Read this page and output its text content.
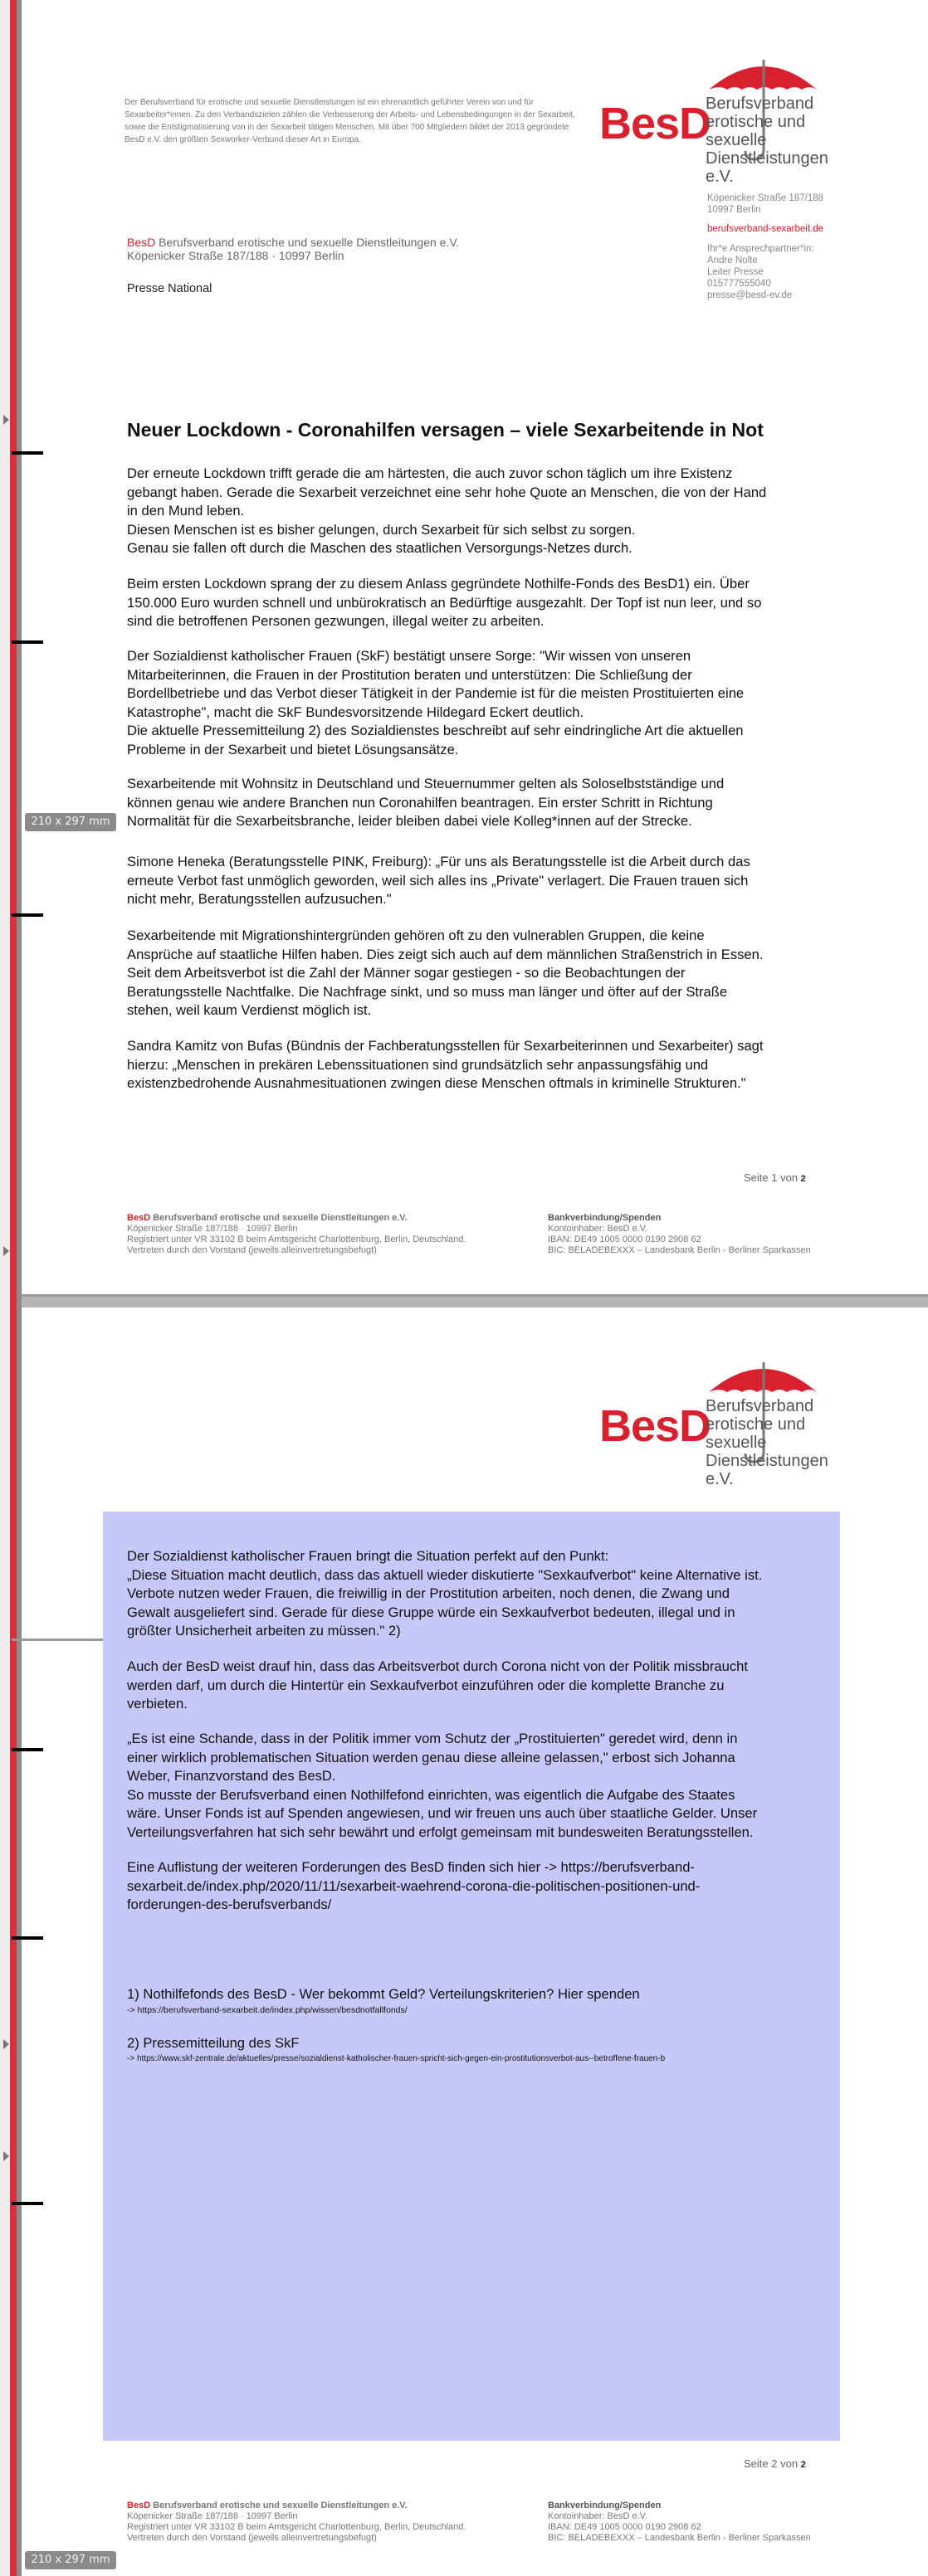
210 x 297 mm
210 x 297 mm
BesD
Berufsverband
erotische und sexuelle
Dienstleistungen e.V.
Der Berufsverband für erotische und sexuelle Dienstleistungen ist ein ehrenamtlich geführter Verein von und für Sexarbeiter*innen. Zu den Verbandszielen zählen die Verbesserung der Arbeits- und Lebensbedingungen in der Sexarbeit, sowie die Entstigmatisierung von in der Sexarbeit tätigen Menschen. Mit über 700 Mitgliedern bildet der 2013 gegründete BesD e.V. den größten Sexworker-Verbund dieser Art in Europa.
Köpenicker Straße 187/188
10997 Berlin
berufsverband-sexarbeit.de
Ihr*e Ansprechpartner*in:
Andre Nolte
Leiter Presse
015777555040
presse@besd-ev.de
BesD Berufsverband erotische und sexuelle Dienstleitungen e.V.
Köpenicker Straße 187/188 · 10997 Berlin
Presse National
Neuer Lockdown - Coronahilfen versagen – viele Sexarbeitende in Not

Der erneute Lockdown trifft gerade die am härtesten, die auch zuvor schon täglich um ihre Existenz

gebangt haben. Gerade die Sexarbeit verzeichnet eine sehr hohe Quote an Menschen, die von der Hand

in den Mund leben.

Diesen Menschen ist es bisher gelungen, durch Sexarbeit für sich selbst zu sorgen.

Genau sie fallen oft durch die Maschen des staatlichen Versorgungs-Netzes durch.

Beim ersten Lockdown sprang der zu diesem Anlass gegründete Nothilfe-Fonds des BesD1) ein. Über

150.000 Euro wurden schnell und unbürokratisch an Bedürftige ausgezahlt. Der Topf ist nun leer, und so

sind die betroffenen Personen gezwungen, illegal weiter zu arbeiten.

Der Sozialdienst katholischer Frauen (SkF) bestätigt unsere Sorge: "Wir wissen von unseren

Mitarbeiterinnen, die Frauen in der Prostitution beraten und unterstützen: Die Schließung der

Bordellbetriebe und das Verbot dieser Tätigkeit in der Pandemie ist für die meisten Prostituierten eine

Katastrophe", macht die SkF Bundesvorsitzende Hildegard Eckert deutlich.

Die aktuelle Pressemitteilung 2) des Sozialdienstes beschreibt auf sehr eindringliche Art die aktuellen

Probleme in der Sexarbeit und bietet Lösungsansätze.

Sexarbeitende mit Wohnsitz in Deutschland und Steuernummer gelten als Soloselbstständige und

können genau wie andere Branchen nun Coronahilfen beantragen. Ein erster Schritt in Richtung

Normalität für die Sexarbeitsbranche, leider bleiben dabei viele Kolleg*innen auf der Strecke.

Simone Heneka (Beratungsstelle PINK, Freiburg): „Für uns als Beratungsstelle ist die Arbeit durch das

erneute Verbot fast unmöglich geworden, weil sich alles ins „Private" verlagert. Die Frauen trauen sich

nicht mehr, Beratungsstellen aufzusuchen."

Sexarbeitende mit Migrationshintergründen gehören oft zu den vulnerablen Gruppen, die keine

Ansprüche auf staatliche Hilfen haben. Dies zeigt sich auch auf dem männlichen Straßenstrich in Essen.

Seit dem Arbeitsverbot ist die Zahl der Männer sogar gestiegen - so die Beobachtungen der

Beratungsstelle Nachtfalke. Die Nachfrage sinkt, und so muss man länger und öfter auf der Straße

stehen, weil kaum Verdienst möglich ist.

Sandra Kamitz von Bufas (Bündnis der Fachberatungsstellen für Sexarbeiterinnen und Sexarbeiter) sagt

hierzu: „Menschen in prekären Lebenssituationen sind grundsätzlich sehr anpassungsfähig und

existenzbedrohende Ausnahmesituationen zwingen diese Menschen oftmals in kriminelle Strukturen."

Seite 1 von 2
BesD Berufsverband erotische und sexuelle Dienstleitungen e.V.
Köpenicker Straße 187/188 · 10997 Berlin
Registriert unter VR 33102 B beim Amtsgericht Charlottenburg, Berlin, Deutschland.
Vertreten durch den Vorstand (jeweils alleinvertretungsbefugt)
Bankverbindung/Spenden
Kontoinhaber: BesD e.V.
IBAN: DE49 1005 0000 0190 2908 62
BIC: BELADEBEXXX – Landesbank Berlin - Berliner Sparkassen
BesD
Berufsverband
erotische und sexuelle
Dienstleistungen e.V.
Seite 2 von 2
BesD Berufsverband erotische und sexuelle Dienstleitungen e.V.
Köpenicker Straße 187/188 · 10997 Berlin
Registriert unter VR 33102 B beim Amtsgericht Charlottenburg, Berlin, Deutschland.
Vertreten durch den Vorstand (jeweils alleinvertretungsbefugt)
Bankverbindung/Spenden
Kontoinhaber: BesD e.V.
IBAN: DE49 1005 0000 0190 2908 62
BIC: BELADEBEXXX – Landesbank Berlin - Berliner Sparkassen

Der Sozialdienst katholischer Frauen bringt die Situation perfekt auf den Punkt:

„Diese Situation macht deutlich, dass das aktuell wieder diskutierte "Sexkaufverbot" keine Alternative ist.

Verbote nutzen weder Frauen, die freiwillig in der Prostitution arbeiten, noch denen, die Zwang und

Gewalt ausgeliefert sind. Gerade für diese Gruppe würde ein Sexkaufverbot bedeuten, illegal und in

größter Unsicherheit arbeiten zu müssen." 2)

Auch der BesD weist drauf hin, dass das Arbeitsverbot durch Corona nicht von der Politik missbraucht

werden darf, um durch die Hintertür ein Sexkaufverbot einzuführen oder die komplette Branche zu

verbieten.

„Es ist eine Schande, dass in der Politik immer vom Schutz der „Prostituierten" geredet wird, denn in

einer wirklich problematischen Situation werden genau diese alleine gelassen," erbost sich Johanna

Weber, Finanzvorstand des BesD.

So musste der Berufsverband einen Nothilfefond einrichten, was eigentlich die Aufgabe des Staates

wäre. Unser Fonds ist auf Spenden angewiesen, und wir freuen uns auch über staatliche Gelder. Unser

Verteilungsverfahren hat sich sehr bewährt und erfolgt gemeinsam mit bundesweiten Beratungsstellen.

Eine Auflistung der weiteren Forderungen des BesD finden sich hier -> https://berufsverband-

sexarbeit.de/index.php/2020/11/11/sexarbeit-waehrend-corona-die-politischen-positionen-und-

forderungen-des-berufsverbands/

1) Nothilfefonds des BesD - Wer bekommt Geld? Verteilungskriterien? Hier spenden

-> https://berufsverband-sexarbeit.de/index.php/wissen/besdnotfallfonds/

2) Pressemitteilung des SkF

-> https://www.skf-zentrale.de/aktuelles/presse/sozialdienst-katholischer-frauen-spricht-sich-gegen-ein-prostitutionsverbot-aus--betroffene-frauen-b
